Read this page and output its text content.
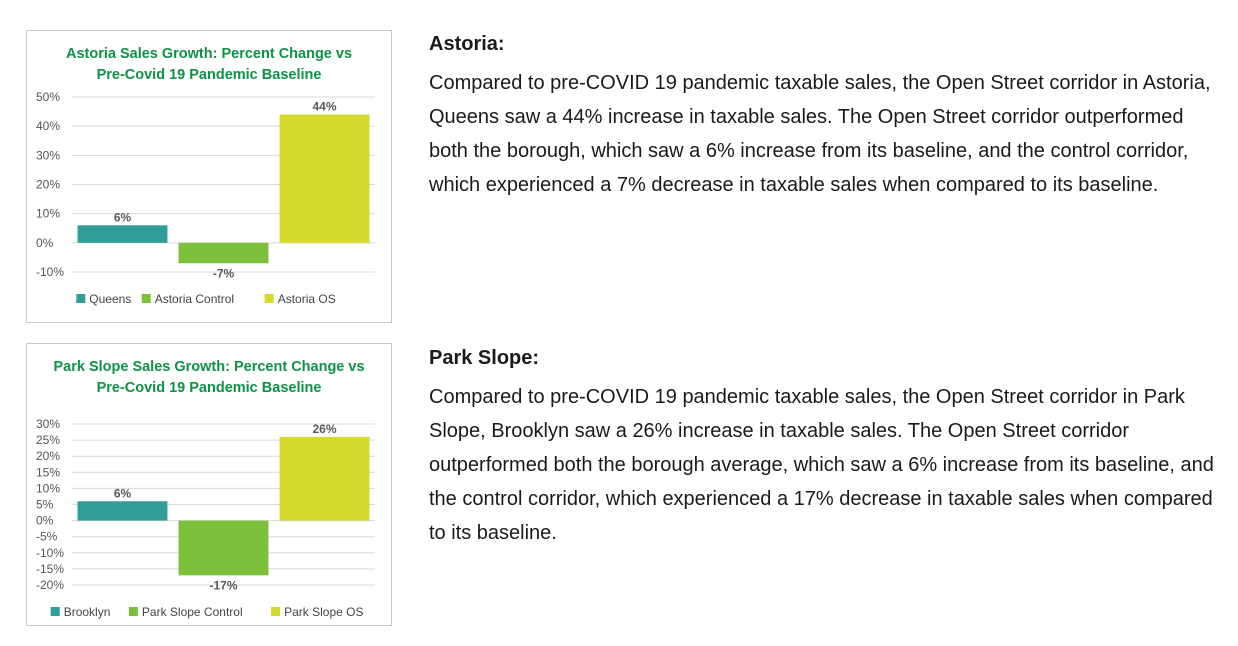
Astoria Sales Growth: Percent Change vs
Pre-Covid 19 Pandemic Baseline
50%
40%
30%
20%
10%
0%
-10%
6%
-7%
44%
Queens Astoria Control	Astoria OS
Park Slope Sales Growth: Percent Change vs
Pre-Covid 19 Pandemic Baseline
30%
25%
20%
15%
10%
5%
0%
-5%
-10%
-15%
-20%
6%
-17%
26%
Brooklyn	Park Slope Control	Park Slope OS

Astoria:

Compared to pre-COVID 19 pandemic taxable sales, the Open Street corridor in Astoria, Queens saw a 44% increase in taxable sales. The Open Street corridor outperformed both the borough, which saw a 6% increase from its baseline, and the control corridor, which experienced a 7% decrease in taxable sales when compared to its baseline.

Park Slope:

Compared to pre-COVID 19 pandemic taxable sales, the Open Street corridor in Park Slope, Brooklyn saw a 26% increase in taxable sales. The Open Street corridor outperformed both the borough average, which saw a 6% increase from its baseline, and the control corridor, which experienced a 17% decrease in taxable sales when compared to its baseline.
